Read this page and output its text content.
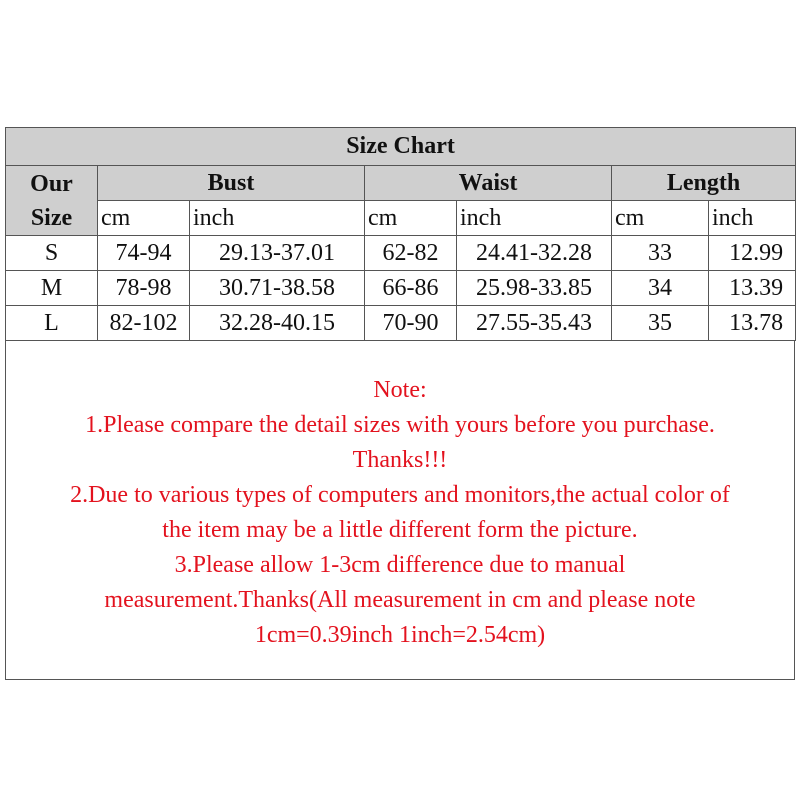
Size Chart						

Our
Size	Bust		Waist		Length	
	cm	inch	cm	inch	cm	inch
S	74-94	29.13-37.01	62-82	24.41-32.28	33	12.99
M	78-98	30.71-38.58	66-86	25.98-33.85	34	13.39
L	82-102	32.28-40.15	70-90	27.55-35.43	35	13.78
Note:
1.Please compare the detail sizes with yours before you purchase.
Thanks!!!
2.Due to various types of computers and monitors,the actual color of
the item may be a little different form the picture.
3.Please allow 1-3cm difference due to manual
measurement.Thanks(All measurement in cm and please note
1cm=0.39inch 1inch=2.54cm)
